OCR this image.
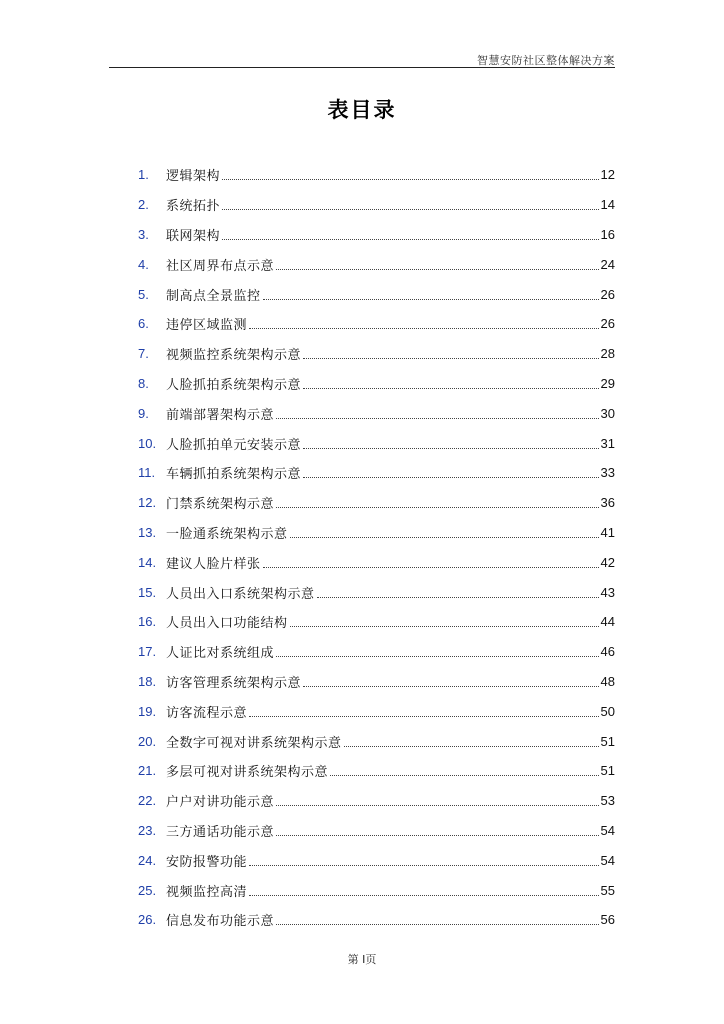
智慧安防社区整体解决方案
表目录
1.	逻辑架构	12
2.	系统拓扑	14
3.	联网架构	16
4.	社区周界布点示意	24
5.	制高点全景监控	26
6.	违停区域监测	26
7.	视频监控系统架构示意	28
8.	人脸抓拍系统架构示意	29
9.	前端部署架构示意	30
10. 人脸抓拍单元安装示意	31
11. 车辆抓拍系统架构示意	33
12. 门禁系统架构示意	36
13. 一脸通系统架构示意	41
14. 建议人脸片样张	42
15. 人员出入口系统架构示意	43
16. 人员出入口功能结构	44
17. 人证比对系统组成	46
18. 访客管理系统架构示意	48
19. 访客流程示意	50
20. 全数字可视对讲系统架构示意	51
21. 多层可视对讲系统架构示意	51
22. 户户对讲功能示意	53
23. 三方通话功能示意	54
24. 安防报警功能	54
25. 视频监控高清	55
26. 信息发布功能示意	56
第 I页
